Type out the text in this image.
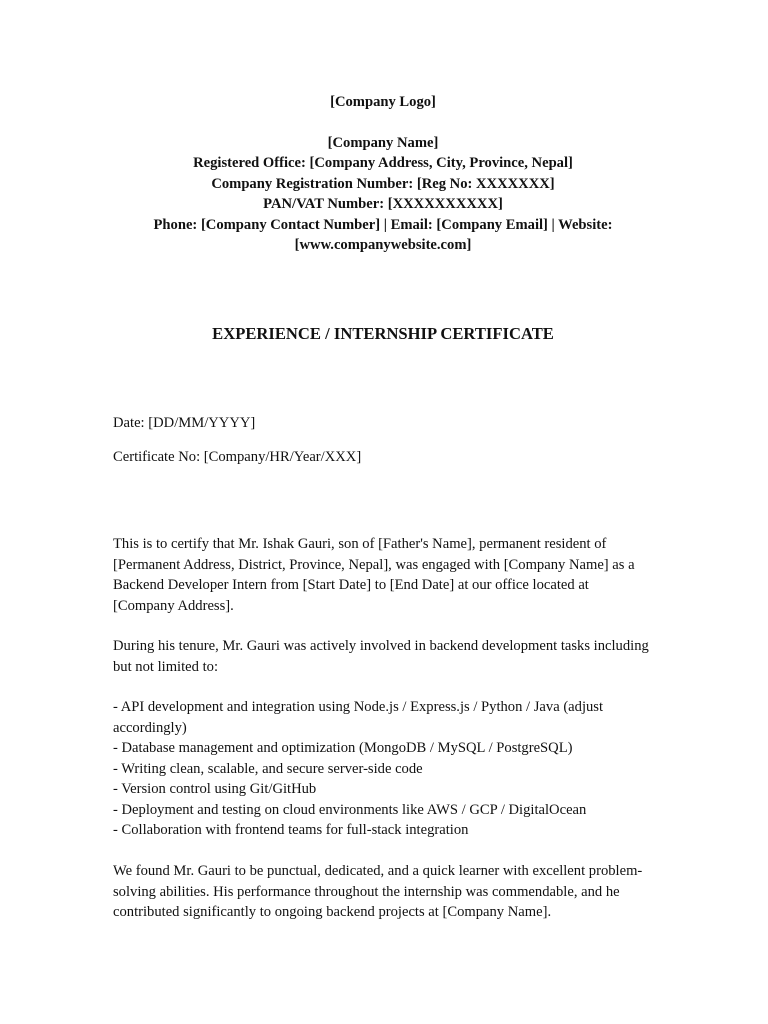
[Company Logo]
[Company Name]
Registered Office: [Company Address, City, Province, Nepal]
Company Registration Number: [Reg No: XXXXXXX]
PAN/VAT Number: [XXXXXXXXXX]
Phone: [Company Contact Number] | Email: [Company Email] | Website:
[www.companywebsite.com]
EXPERIENCE / INTERNSHIP CERTIFICATE
Date: [DD/MM/YYYY]
Certificate No: [Company/HR/Year/XXX]

This is to certify that Mr. Ishak Gauri, son of [Father's Name], permanent resident of [Permanent Address, District, Province, Nepal], was engaged with [Company Name] as a Backend Developer Intern from [Start Date] to [End Date] at our office located at [Company Address].

During his tenure, Mr. Gauri was actively involved in backend development tasks including but not limited to:

- API development and integration using Node.js / Express.js / Python / Java (adjust accordingly)
- Database management and optimization (MongoDB / MySQL / PostgreSQL)
- Writing clean, scalable, and secure server-side code
- Version control using Git/GitHub
- Deployment and testing on cloud environments like AWS / GCP / DigitalOcean
- Collaboration with frontend teams for full-stack integration

We found Mr. Gauri to be punctual, dedicated, and a quick learner with excellent problem-solving abilities. His performance throughout the internship was commendable, and he contributed significantly to ongoing backend projects at [Company Name].
